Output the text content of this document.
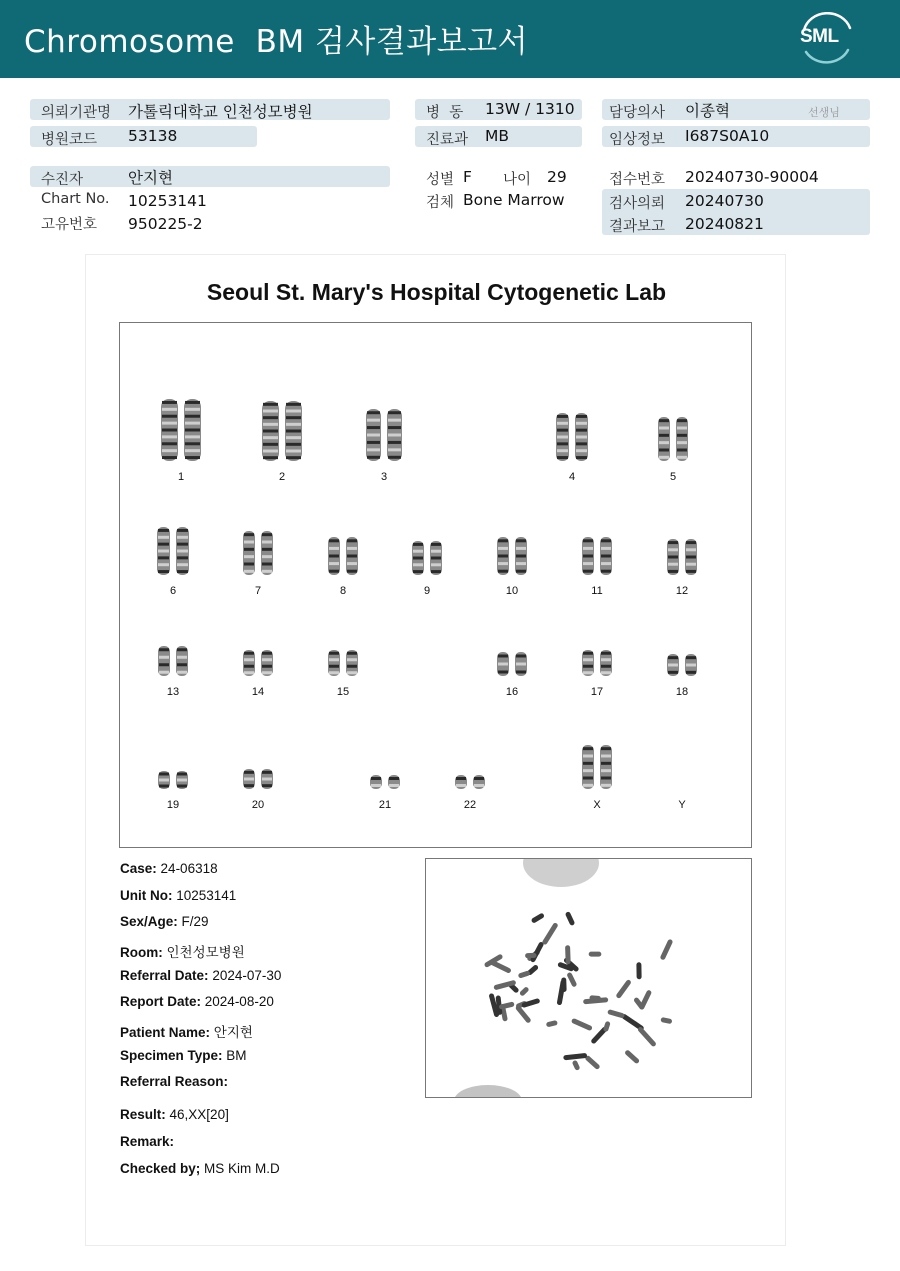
Chromosome  BM 검사결과보고서	SML
의뢰기관명 가톨릭대학교 인천성모병원
병원코드 53138
병  동 13W / 1310
진료과 MB
담당의사 이종혁	선생님
임상정보 I687S0A10
수진자	안지현
Chart No. 10253141
고유번호 950225-2
성별 F 나이 29
검체 Bone Marrow
접수번호 20240730-90004
검사의뢰 20240730
결과보고 20240821
Seoul St. Mary's Hospital Cytogenetic Lab
1	2	3	4	5
6	7	8	9	10	11	12
13	14	15	16	17	18
19	20	21	22	X	Y
Case: 24-06318
Unit No: 10253141
Sex/Age: F/29
Room: 인천성모병원
Referral Date: 2024-07-30
Report Date: 2024-08-20
Patient Name: 안지현
Specimen Type: BM
Referral Reason:
Result: 46,XX[20]
Remark:
Checked by; MS Kim M.D
